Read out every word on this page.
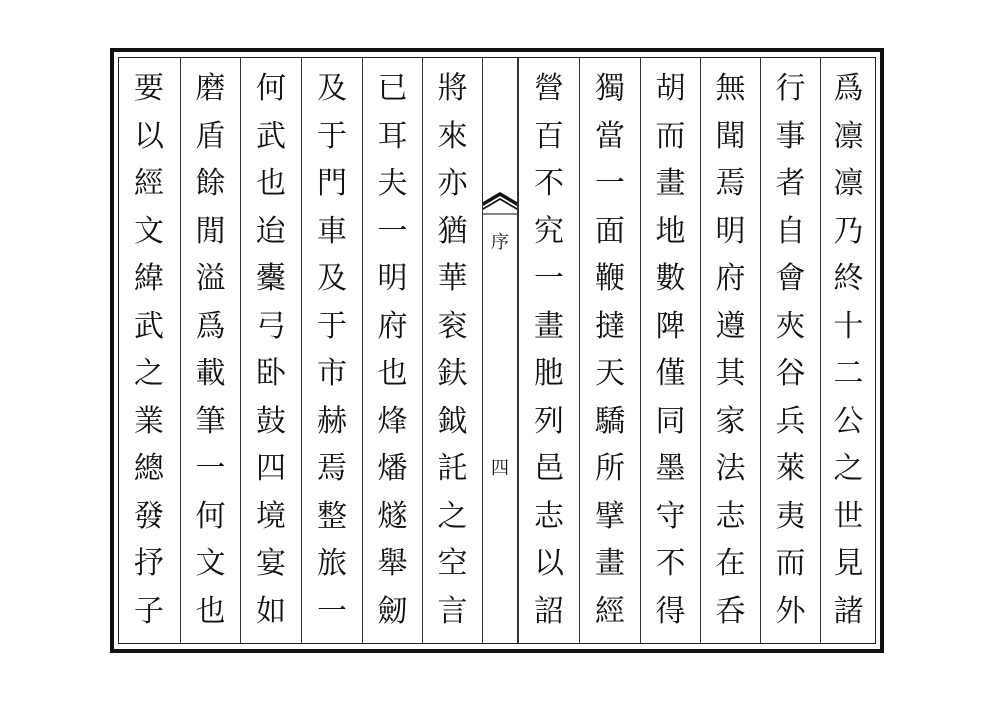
爲
凛
凛
乃
終
十
二
公
之
世
見
諸
行
事
者
自
會
夾
谷
兵
萊
夷
而
外
無
聞
焉
明
府
遵
其
家
法
志
在
呑
胡
而
畫
地
數
陴
僅
同
墨
守
不
得
獨
當
一
面
鞭
撻
天
驕
所
擘
畫
經
營
百
不
究
一
畫
肔
列
邑
志
以
詔
序
四
將
來
亦
猶
華
衮
鈇
鉞
託
之
空
言
已
耳
夫
一
明
府
也
烽
燔
燧
舉
劒
及
于
門
車
及
于
市
赫
焉
整
旅
一
何
武
也
迨
櫜
弓
卧
鼓
四
境
宴
如
磨
盾
餘
閒
溢
爲
載
筆
一
何
文
也
要
以
經
文
緯
武
之
業
總
發
抒
子
